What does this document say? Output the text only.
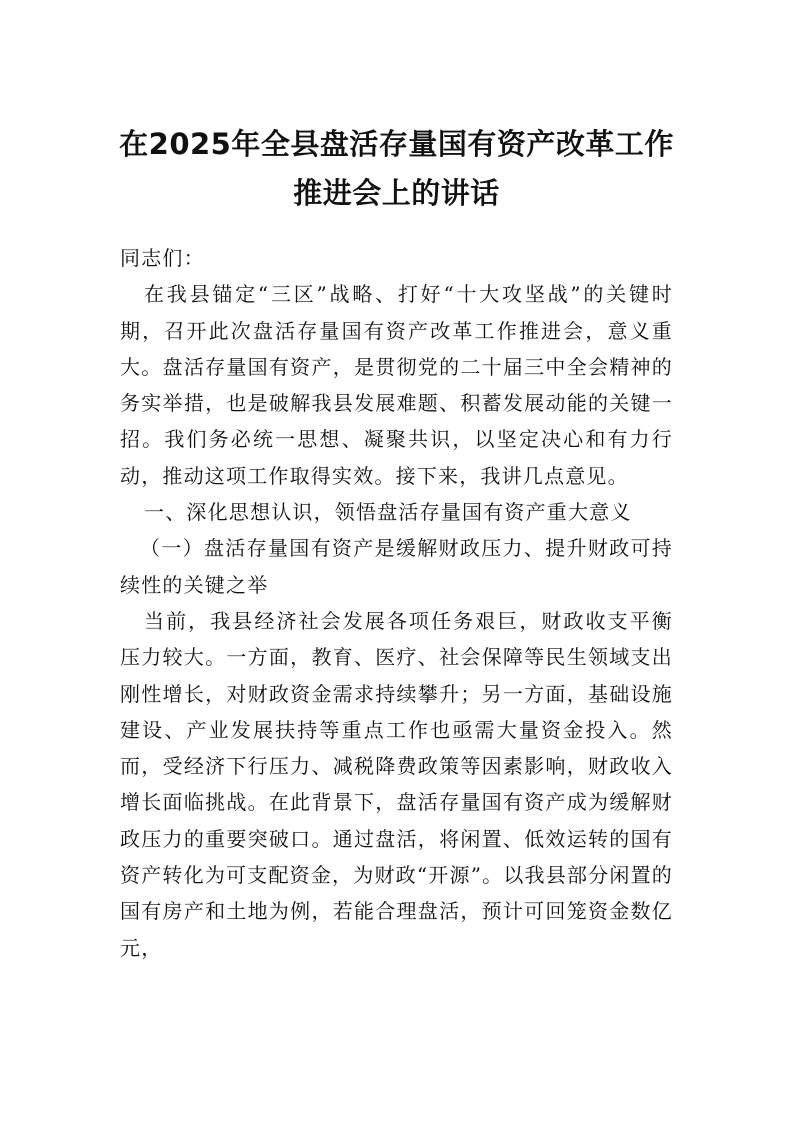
在2025年全县盘活存量国有资产改革工作
推进会上的讲话

同志们：

在我县锚定“三区”战略、打好“十大攻坚战”的关键时期，召开此次盘活存量国有资产改革工作推进会，意义重大。盘活存量国有资产，是贯彻党的二十届三中全会精神的务实举措，也是破解我县发展难题、积蓄发展动能的关键一招。我们务必统一思想、凝聚共识，以坚定决心和有力行动，推动这项工作取得实效。接下来，我讲几点意见。

一、深化思想认识，领悟盘活存量国有资产重大意义

（一）盘活存量国有资产是缓解财政压力、提升财政可持续性的关键之举

当前，我县经济社会发展各项任务艰巨，财政收支平衡压力较大。一方面，教育、医疗、社会保障等民生领域支出刚性增长，对财政资金需求持续攀升；另一方面，基础设施建设、产业发展扶持等重点工作也亟需大量资金投入。然而，受经济下行压力、减税降费政策等因素影响，财政收入增长面临挑战。在此背景下，盘活存量国有资产成为缓解财政压力的重要突破口。通过盘活，将闲置、低效运转的国有资产转化为可支配资金，为财政“开源”。以我县部分闲置的国有房产和土地为例，若能合理盘活，预计可回笼资金数亿元，
